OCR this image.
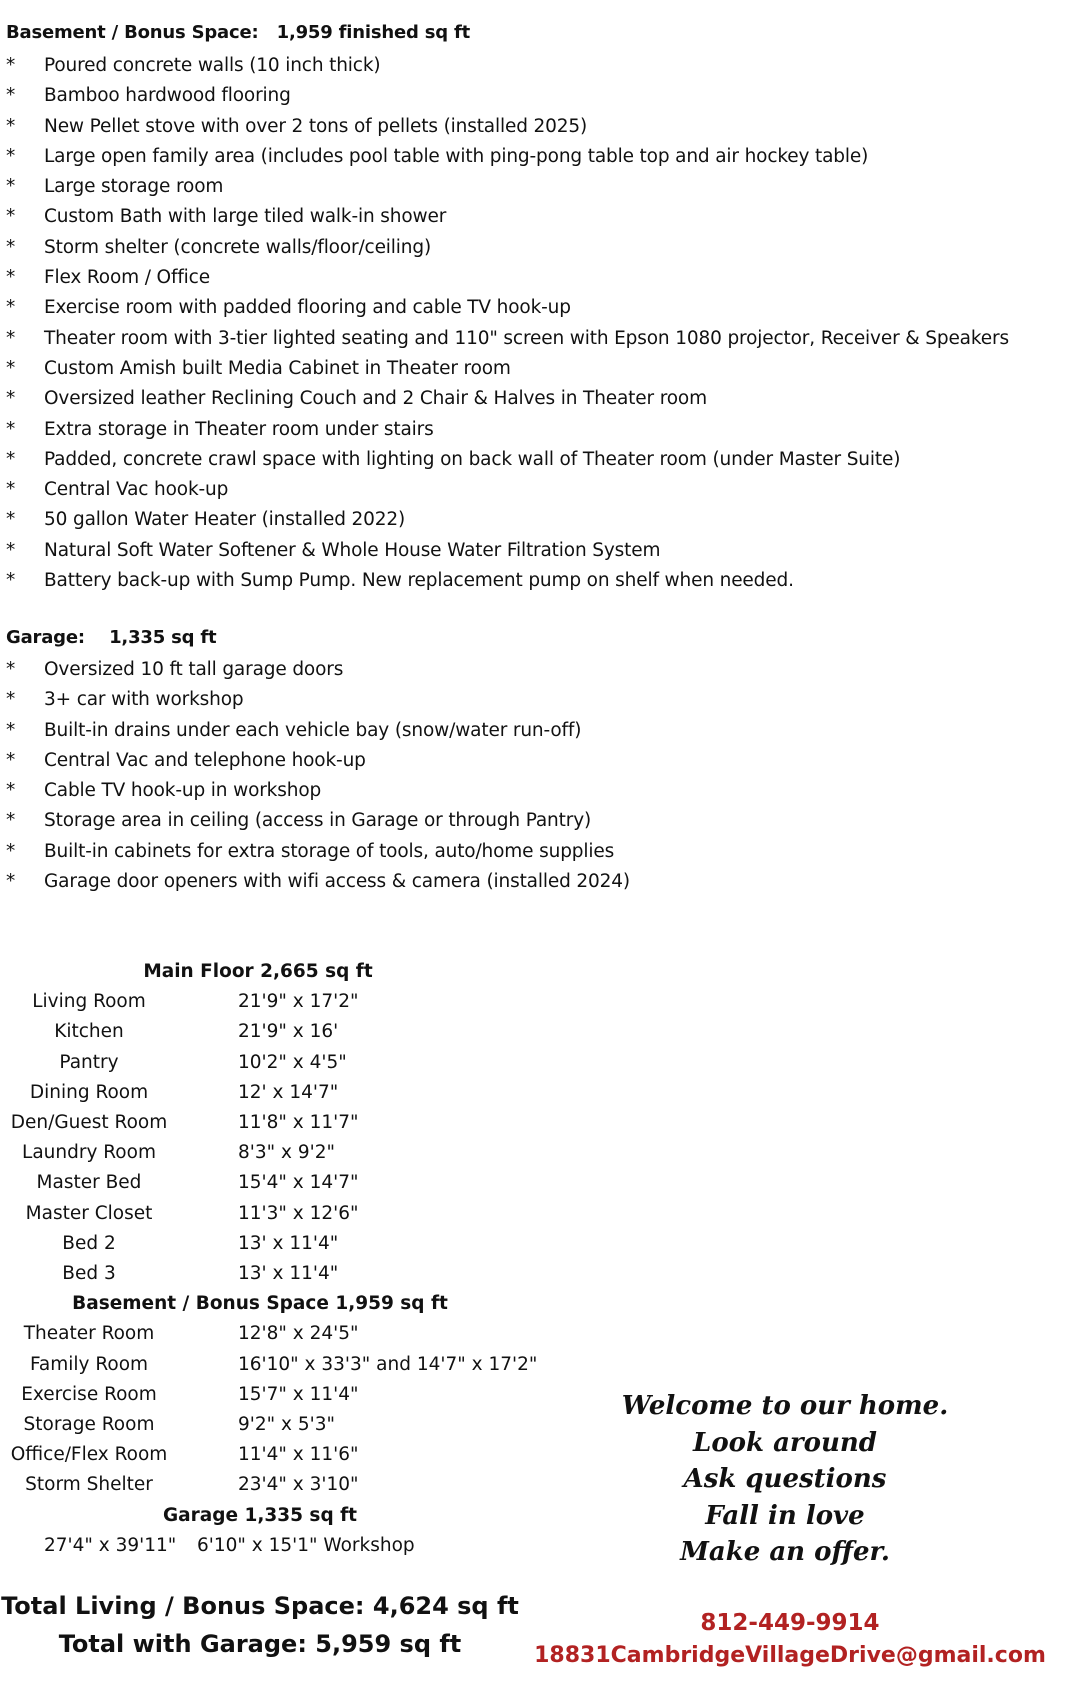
Basement / Bonus Space:   1,959 finished sq ft
* Poured concrete walls (10 inch thick)
* Bamboo hardwood flooring
* New Pellet stove with over 2 tons of pellets (installed 2025)
* Large open family area (includes pool table with ping-pong table top and air hockey table)
* Large storage room
* Custom Bath with large tiled walk-in shower
* Storm shelter (concrete walls/floor/ceiling)
* Flex Room / Office
* Exercise room with padded flooring and cable TV hook-up
* Theater room with 3-tier lighted seating and 110" screen with Epson 1080 projector, Receiver & Speakers
* Custom Amish built Media Cabinet in Theater room
* Oversized leather Reclining Couch and 2 Chair & Halves in Theater room
* Extra storage in Theater room under stairs
* Padded, concrete crawl space with lighting on back wall of Theater room (under Master Suite)
* Central Vac hook-up
* 50 gallon Water Heater (installed 2022)
* Natural Soft Water Softener & Whole House Water Filtration System
* Battery back-up with Sump Pump. New replacement pump on shelf when needed.
Garage:    1,335 sq ft
* Oversized 10 ft tall garage doors
* 3+ car with workshop
* Built-in drains under each vehicle bay (snow/water run-off)
* Central Vac and telephone hook-up
* Cable TV hook-up in workshop
* Storage area in ceiling (access in Garage or through Pantry)
* Built-in cabinets for extra storage of tools, auto/home supplies
* Garage door openers with wifi access & camera (installed 2024)
Main Floor 2,665 sq ft
Living Room	21'9" x 17'2"
Kitchen	21'9" x 16'
Pantry	10'2" x 4'5"
Dining Room	12' x 14'7"
Den/Guest Room	11'8" x 11'7"
Laundry Room	8'3" x 9'2"
Master Bed	15'4" x 14'7"
Master Closet	11'3" x 12'6"
Bed 2	13' x 11'4"
Bed 3	13' x 11'4"
Basement / Bonus Space 1,959 sq ft
Theater Room	12'8" x 24'5"
Family Room	16'10" x 33'3" and 14'7" x 17'2"
Exercise Room	15'7" x 11'4"
Storage Room	9'2" x 5'3"
Office/Flex Room	11'4" x 11'6"
Storm Shelter	23'4" x 3'10"
Garage 1,335 sq ft
27'4" x 39'11" 6'10" x 15'1" Workshop
Total Living / Bonus Space: 4,624 sq ft
Total with Garage: 5,959 sq ft
Welcome to our home.
Look around
Ask questions
Fall in love
Make an offer.
812-449-9914
18831CambridgeVillageDrive@gmail.com
